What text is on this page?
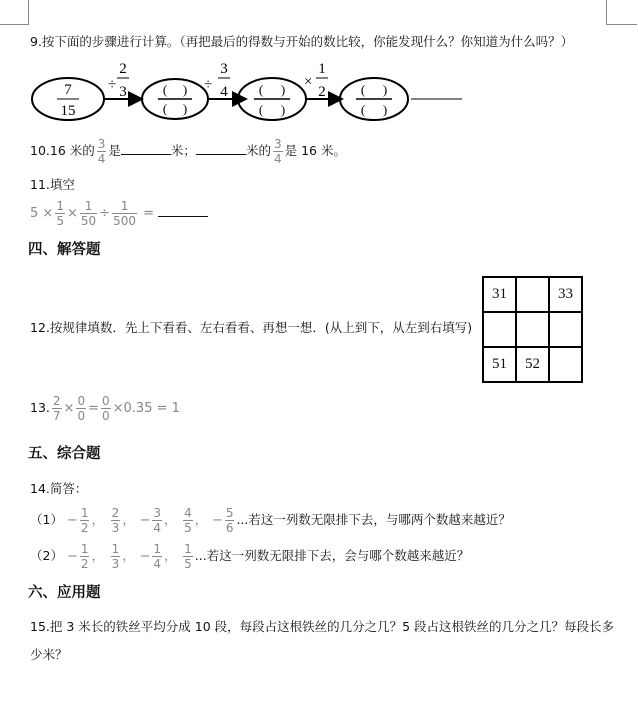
9.按下面的步骤进行计算。（再把最后的得数与开始的数比较，你能发现什么？你知道为什么吗？）
7
15
÷
2
3	( )
( )
÷
3
4 ( )
( )
×
1
2	( )
( )
10.16 米的 $\frac{3}{4}$ 是	米；	米的 $\frac{3}{4}$ 是 16 米。
11.填空
$5 \times \frac{1}{5} \times \frac{1}{50} \div \frac{1}{500}$ =
四、解答题
12.按规律填数．先上下看看、左右看看、再想一想．(从上到下，从左到右填写)
31		33

51	52	
13. $\frac{2}{7} \times \frac{0}{0} = \frac{0}{0} \times 0.35 = 1$
五、综合题
14.简答：
$(1) - \frac{1}{2}$ ， $\frac{2}{3}$ ， − $\frac{3}{4}$ ， $\frac{4}{5}$ ， − $\frac{5}{6}$ ...若这一列数无限排下去，与哪两个数越来越近？
$(2) - \frac{1}{2}$ ， $\frac{1}{3}$ ， − $\frac{1}{4}$ ， $\frac{1}{5}$ ...若这一列数无限排下去，会与哪个数越来越近？
六、应用题
15.把 3 米长的铁丝平均分成 10 段，每段占这根铁丝的几分之几？5 段占这根铁丝的几分之几？每段长多
少米？
